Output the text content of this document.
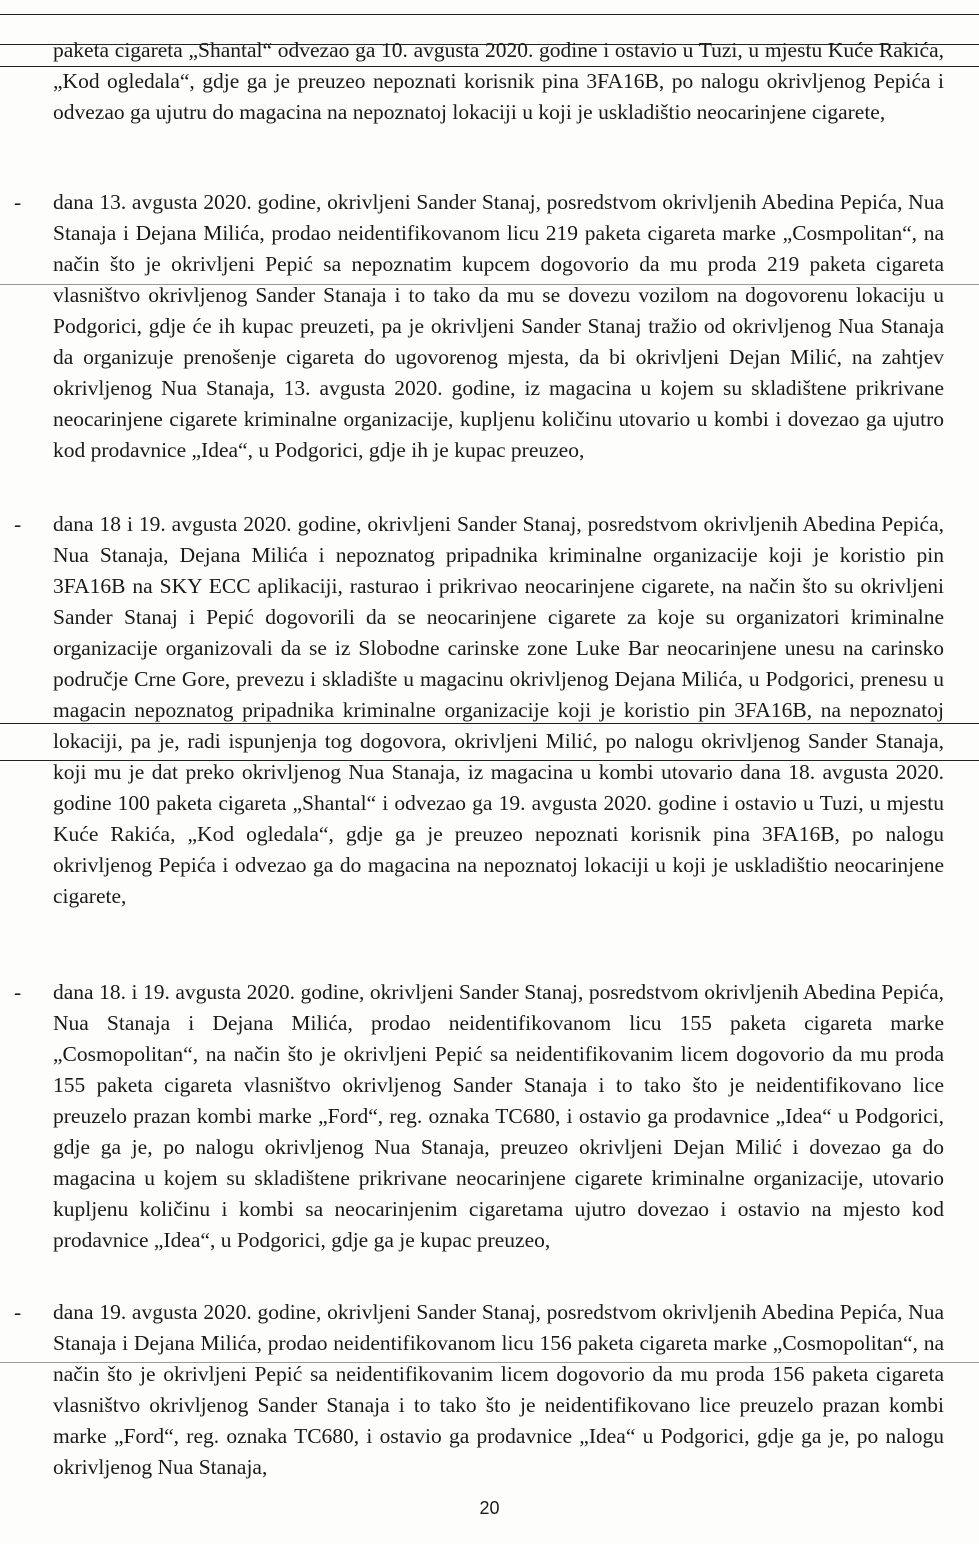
paketa cigareta „Shantal“ odvezao ga 10. avgusta 2020. godine i ostavio u Tuzi, u mjestu Kuće Rakića, „Kod ogledala“, gdje ga je preuzeo nepoznati korisnik pina 3FA16B, po nalogu okrivljenog Pepića i odvezao ga ujutru do magacina na nepoznatoj lokaciji u koji je uskladištio neocarinjene cigarete,

- dana 13. avgusta 2020. godine, okrivljeni Sander Stanaj, posredstvom okrivljenih Abedina Pepića, Nua Stanaja i Dejana Milića, prodao neidentifikovanom licu 219 paketa cigareta marke „Cosmpolitan“, na način što je okrivljeni Pepić sa nepoznatim kupcem dogovorio da mu proda 219 paketa cigareta vlasništvo okrivljenog Sander Stanaja i to tako da mu se dovezu vozilom na dogovorenu lokaciju u Podgorici, gdje će ih kupac preuzeti, pa je okrivljeni Sander Stanaj tražio od okrivljenog Nua Stanaja da organizuje prenošenje cigareta do ugovorenog mjesta, da bi okrivljeni Dejan Milić, na zahtjev okrivljenog Nua Stanaja, 13. avgusta 2020. godine, iz magacina u kojem su skladištene prikrivane neocarinjene cigarete kriminalne organizacije, kupljenu količinu utovario u kombi i dovezao ga ujutro kod prodavnice „Idea“, u Podgorici, gdje ih je kupac preuzeo,

- dana 18 i 19. avgusta 2020. godine, okrivljeni Sander Stanaj, posredstvom okrivljenih Abedina Pepića, Nua Stanaja, Dejana Milića i nepoznatog pripadnika kriminalne organizacije koji je koristio pin 3FA16B na SKY ECC aplikaciji, rasturao i prikrivao neocarinjene cigarete, na način što su okrivljeni Sander Stanaj i Pepić dogovorili da se neocarinjene cigarete za koje su organizatori kriminalne organizacije organizovali da se iz Slobodne carinske zone Luke Bar neocarinjene unesu na carinsko područje Crne Gore, prevezu i skladište u magacinu okrivljenog Dejana Milića, u Podgorici, prenesu u magacin nepoznatog pripadnika kriminalne organizacije koji je koristio pin 3FA16B, na nepoznatoj lokaciji, pa je, radi ispunjenja tog dogovora, okrivljeni Milić, po nalogu okrivljenog Sander Stanaja, koji mu je dat preko okrivljenog Nua Stanaja, iz magacina u kombi utovario dana 18. avgusta 2020. godine 100 paketa cigareta „Shantal“ i odvezao ga 19. avgusta 2020. godine i ostavio u Tuzi, u mjestu Kuće Rakića, „Kod ogledala“, gdje ga je preuzeo nepoznati korisnik pina 3FA16B, po nalogu okrivljenog Pepića i odvezao ga do magacina na nepoznatoj lokaciji u koji je uskladištio neocarinjene cigarete,

- dana 18. i 19. avgusta 2020. godine, okrivljeni Sander Stanaj, posredstvom okrivljenih Abedina Pepića, Nua Stanaja i Dejana Milića, prodao neidentifikovanom licu 155 paketa cigareta marke „Cosmopolitan“, na način što je okrivljeni Pepić sa neidentifikovanim licem dogovorio da mu proda 155 paketa cigareta vlasništvo okrivljenog Sander Stanaja i to tako što je neidentifikovano lice preuzelo prazan kombi marke „Ford“, reg. oznaka TC680, i ostavio ga prodavnice „Idea“ u Podgorici, gdje ga je, po nalogu okrivljenog Nua Stanaja, preuzeo okrivljeni Dejan Milić i dovezao ga do magacina u kojem su skladištene prikrivane neocarinjene cigarete kriminalne organizacije, utovario kupljenu količinu i kombi sa neocarinjenim cigaretama ujutro dovezao i ostavio na mjesto kod prodavnice „Idea“, u Podgorici, gdje ga je kupac preuzeo,

- dana 19. avgusta 2020. godine, okrivljeni Sander Stanaj, posredstvom okrivljenih Abedina Pepića, Nua Stanaja i Dejana Milića, prodao neidentifikovanom licu 156 paketa cigareta marke „Cosmopolitan“, na način što je okrivljeni Pepić sa neidentifikovanim licem dogovorio da mu proda 156 paketa cigareta vlasništvo okrivljenog Sander Stanaja i to tako što je neidentifikovano lice preuzelo prazan kombi marke „Ford“, reg. oznaka TC680, i ostavio ga prodavnice „Idea“ u Podgorici, gdje ga je, po nalogu okrivljenog Nua Stanaja,

20
